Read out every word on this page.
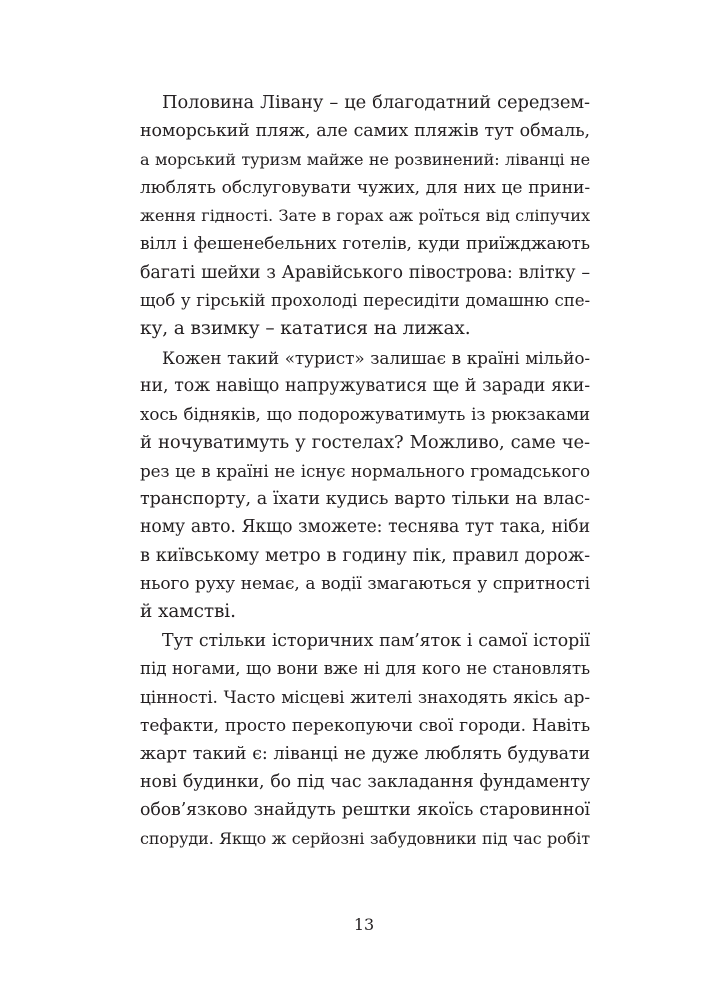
Половина Лівану – це благодатний середзем-
номорський пляж, але самих пляжів тут обмаль,
а морський туризм майже не розвинений: ліванці не
люблять обслуговувати чужих, для них це прини-
ження гідності. Зате в горах аж роїться від сліпучих
вілл і фешенебельних готелів, куди приїжджають
багаті шейхи з Аравійського півострова: влітку –
щоб у гірській прохолоді пересидіти домашню спе-
ку, а взимку – кататися на лижах.

Кожен такий «турист» залишає в країні мільйо-
ни, тож навіщо напружуватися ще й заради яки-
хось бідняків, що подорожуватимуть із рюкзаками
й ночуватимуть у гостелах? Можливо, саме че-
рез це в країні не існує нормального громадського
транспорту, а їхати кудись варто тільки на влас-
ному авто. Якщо зможете: теснява тут така, ніби
в київському метро в годину пік, правил дорож-
нього руху немає, а водії змагаються у спритності
й хамстві.

Тут стільки історичних пам’яток і самої історії
під ногами, що вони вже ні для кого не становлять
цінності. Часто місцеві жителі знаходять якісь ар-
тефакти, просто перекопуючи свої городи. Навіть
жарт такий є: ліванці не дуже люблять будувати
нові будинки, бо під час закладання фундаменту
обов’язково знайдуть рештки якоїсь старовинної
споруди. Якщо ж серйозні забудовники під час робіт

13
